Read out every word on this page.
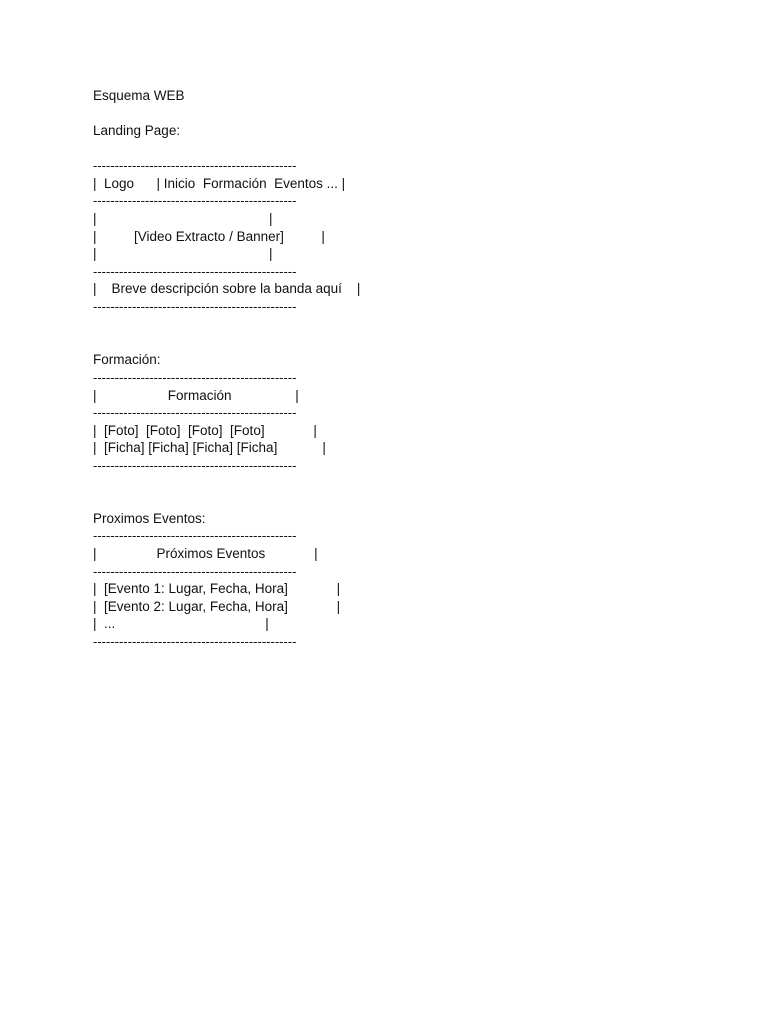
Esquema WEB
Landing Page:
-----------------------------------------------
|  Logo      | Inicio  Formación  Eventos ... |
-----------------------------------------------
|                                              |
|          [Video Extracto / Banner]          |
|                                              |
-----------------------------------------------
|    Breve descripción sobre la banda aquí    |
-----------------------------------------------
Formación:
-----------------------------------------------
|                   Formación                 |
-----------------------------------------------
|  [Foto]  [Foto]  [Foto]  [Foto]             |
|  [Ficha] [Ficha] [Ficha] [Ficha]            |
-----------------------------------------------
Proximos Eventos:
-----------------------------------------------
|                Próximos Eventos             |
-----------------------------------------------
|  [Evento 1: Lugar, Fecha, Hora]             |
|  [Evento 2: Lugar, Fecha, Hora]             |
|  ...                                        |
-----------------------------------------------
